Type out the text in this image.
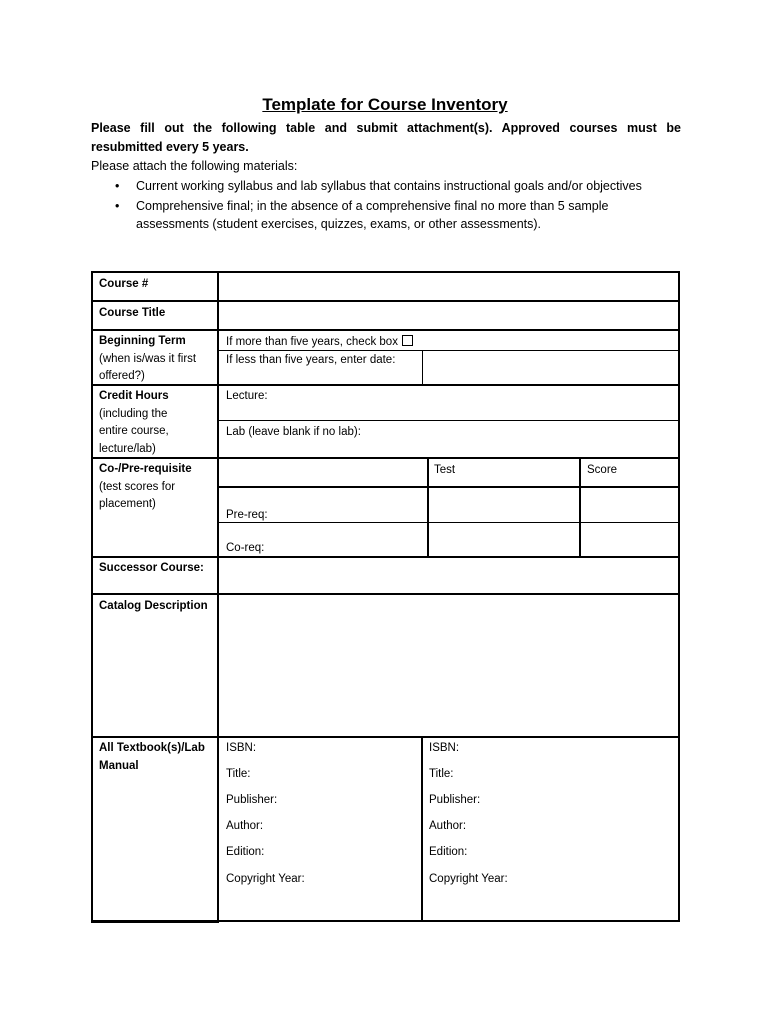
Template for Course Inventory
Please fill out the following table and submit attachment(s). Approved courses must be resubmitted every 5 years.
Please attach the following materials:
• Current working syllabus and lab syllabus that contains instructional goals and/or objectives
• Comprehensive final; in the absence of a comprehensive final no more than 5 sample assessments (student exercises, quizzes, exams, or other assessments).
Course #
Course Title
Beginning Term
(when is/was it first offered?)
Credit Hours
(including the entire course, lecture/lab)
Co-/Pre-requisite
(test scores for placement)
Successor Course:
Catalog Description
All Textbook(s)/Lab Manual
If more than five years, check box
If less than five years, enter date:
Lecture:
Lab (leave blank if no lab):
Test	Score
Pre-req:
Co-req:
ISBN:
Title:
Publisher:
Author:
Edition:
Copyright Year:
ISBN:
Title:
Publisher:
Author:
Edition:
Copyright Year:
